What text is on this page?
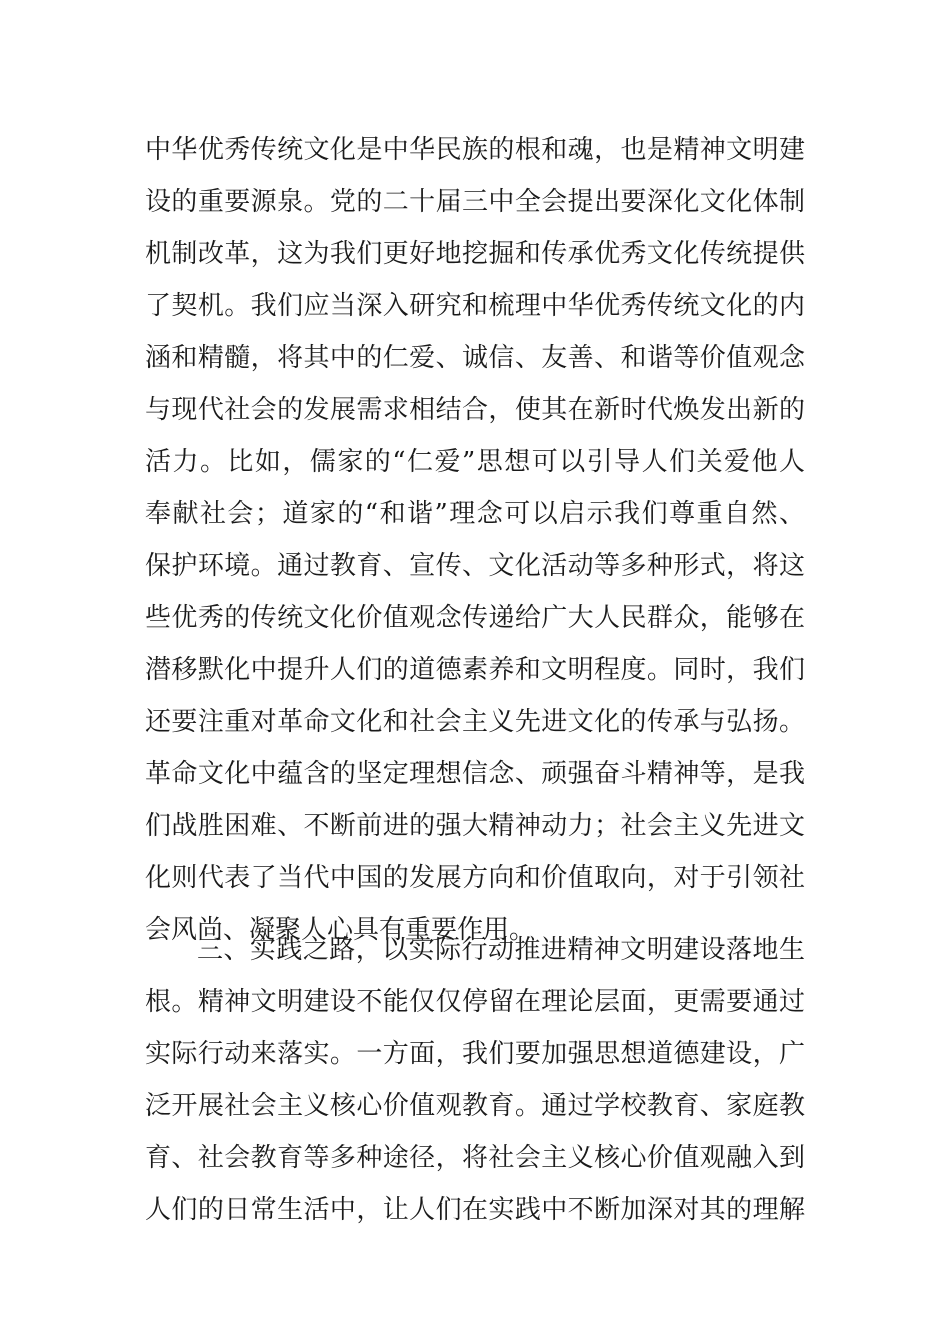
中华优秀传统文化是中华民族的根和魂，也是精神文明建
设的重要源泉。党的二十届三中全会提出要深化文化体制
机制改革，这为我们更好地挖掘和传承优秀文化传统提供
了契机。我们应当深入研究和梳理中华优秀传统文化的内
涵和精髓，将其中的仁爱、诚信、友善、和谐等价值观念
与现代社会的发展需求相结合，使其在新时代焕发出新的
活力。比如，儒家的“仁爱”思想可以引导人们关爱他人
奉献社会；道家的“和谐”理念可以启示我们尊重自然、
保护环境。通过教育、宣传、文化活动等多种形式，将这
些优秀的传统文化价值观念传递给广大人民群众，能够在
潜移默化中提升人们的道德素养和文明程度。同时，我们
还要注重对革命文化和社会主义先进文化的传承与弘扬。
革命文化中蕴含的坚定理想信念、顽强奋斗精神等，是我
们战胜困难、不断前进的强大精神动力；社会主义先进文
化则代表了当代中国的发展方向和价值取向，对于引领社
会风尚、凝聚人心具有重要作用。
三、实践之路，以实际行动推进精神文明建设落地生
根。精神文明建设不能仅仅停留在理论层面，更需要通过
实际行动来落实。一方面，我们要加强思想道德建设，广
泛开展社会主义核心价值观教育。通过学校教育、家庭教
育、社会教育等多种途径，将社会主义核心价值观融入到
人们的日常生活中，让人们在实践中不断加深对其的理解
